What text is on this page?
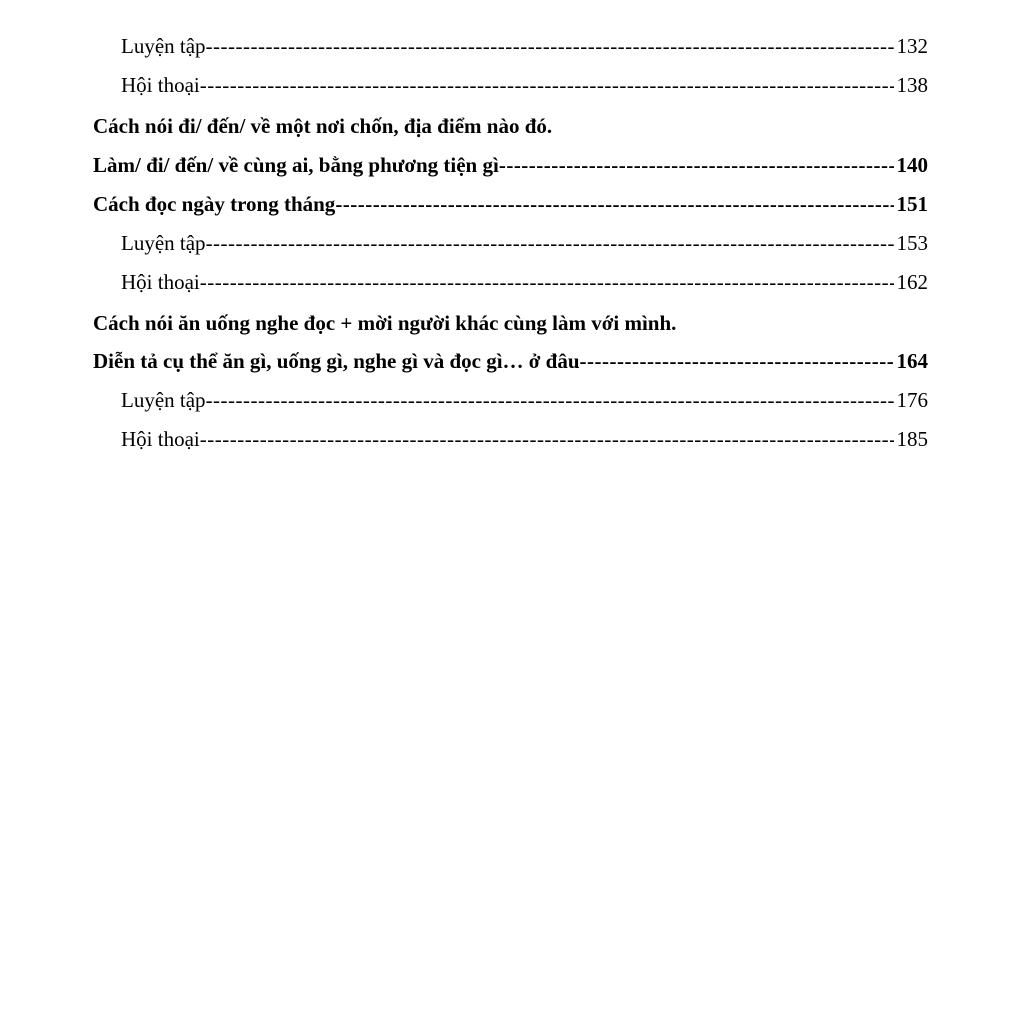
Luyện tập -----	132
Hội thoại -----	138
Cách nói đi/ đến/ về một nơi chốn, địa điểm nào đó.
Làm/ đi/ đến/ về cùng ai, bằng phương tiện gì -----	140
Cách đọc ngày trong tháng -----	151
Luyện tập -----	153
Hội thoại -----	162
Cách nói ăn uống nghe đọc + mời người khác cùng làm với mình.
Diễn tả cụ thể ăn gì, uống gì, nghe gì và đọc gì… ở đâu -----	164
Luyện tập -----	176
Hội thoại -----	185
